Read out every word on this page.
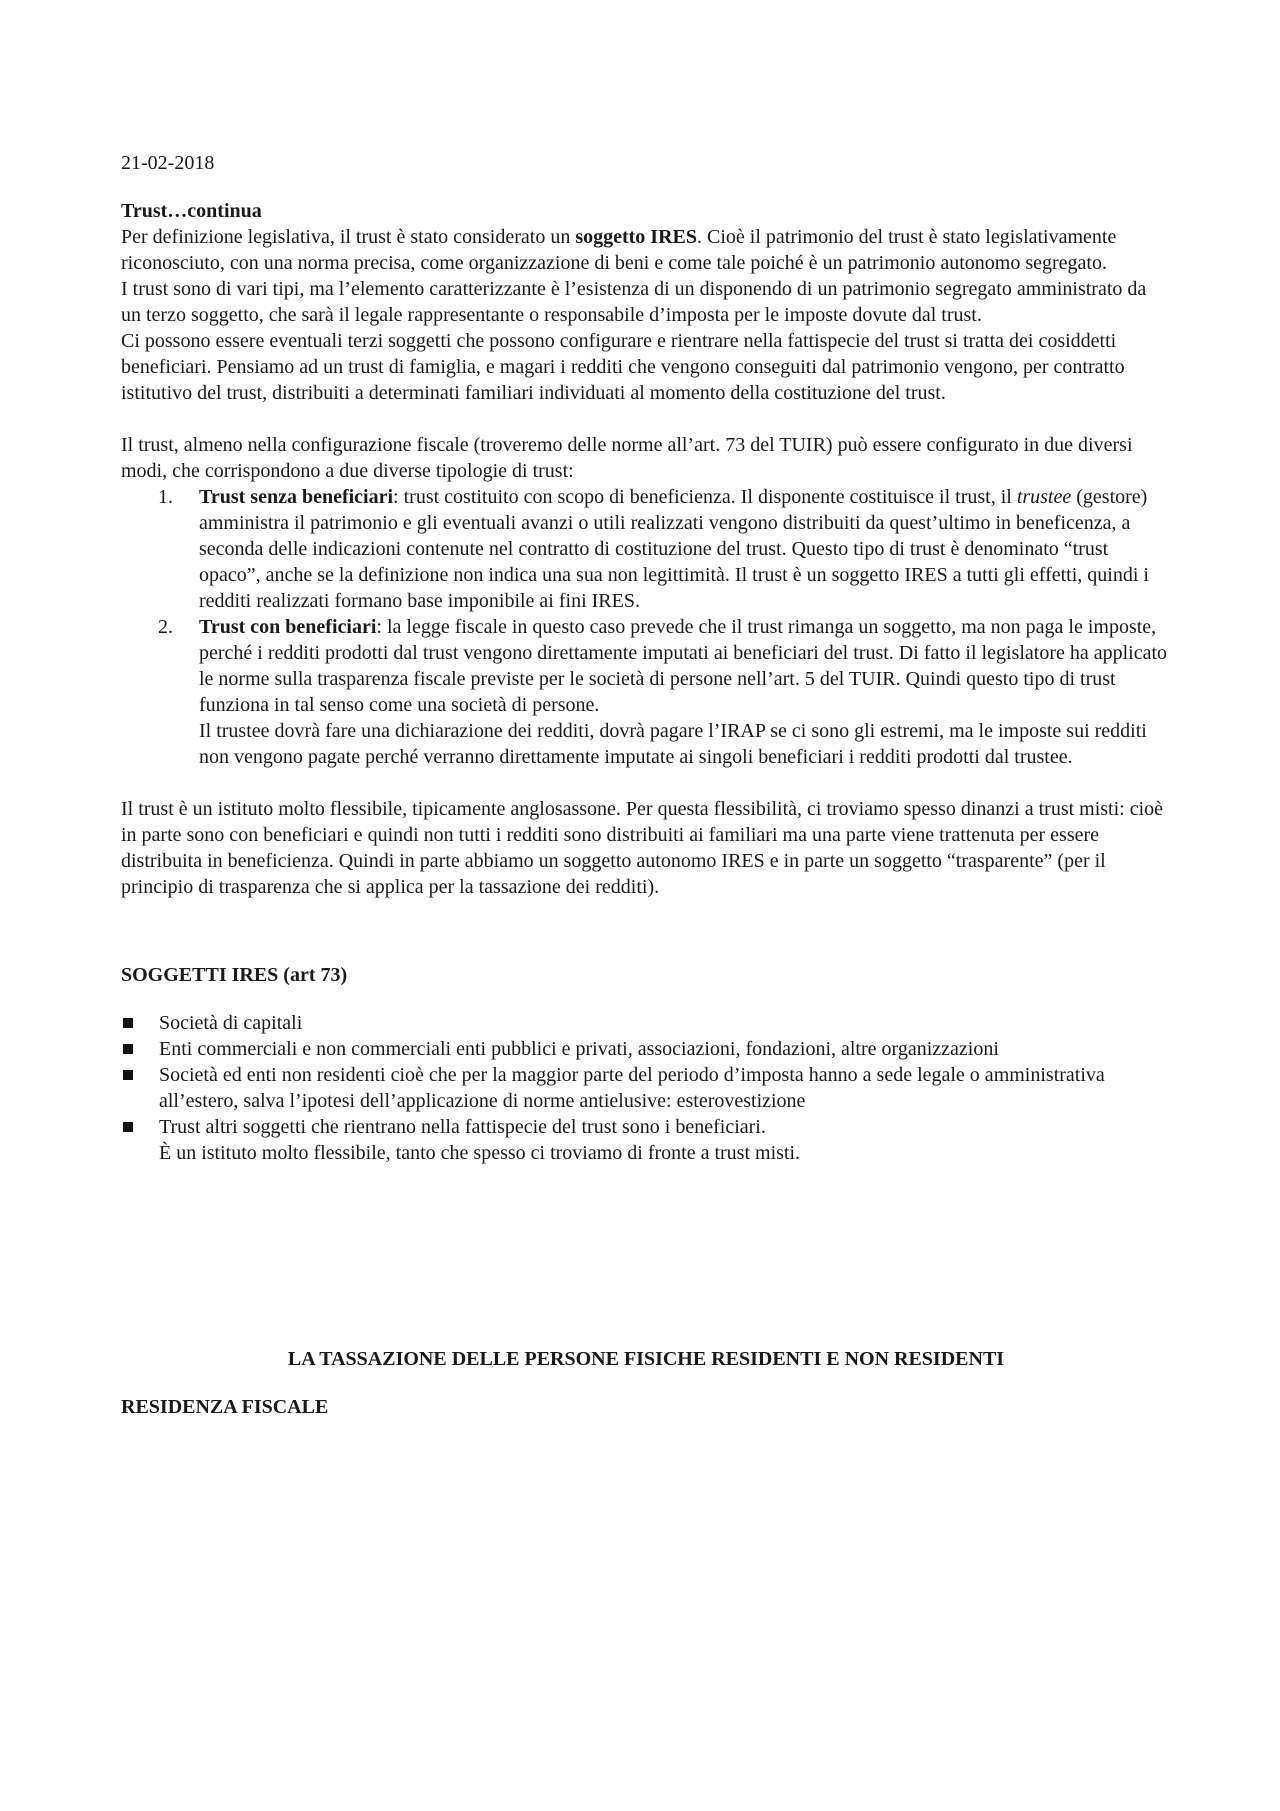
21-02-2018

Trust…continua

Per definizione legislativa, il trust è stato considerato un soggetto IRES. Cioè il patrimonio del trust è stato legislativamente riconosciuto, con una norma precisa, come organizzazione di beni e come tale poiché è un patrimonio autonomo segregato.

I trust sono di vari tipi, ma l’elemento caratterizzante è l’esistenza di un disponendo di un patrimonio segregato amministrato da un terzo soggetto, che sarà il legale rappresentante o responsabile d’imposta per le imposte dovute dal trust.

Ci possono essere eventuali terzi soggetti che possono configurare e rientrare nella fattispecie del trust si tratta dei cosiddetti beneficiari. Pensiamo ad un trust di famiglia, e magari i redditi che vengono conseguiti dal patrimonio vengono, per contratto istitutivo del trust, distribuiti a determinati familiari individuati al momento della costituzione del trust.

Il trust, almeno nella configurazione fiscale (troveremo delle norme all’art. 73 del TUIR) può essere configurato in due diversi modi, che corrispondono a due diverse tipologie di trust:

1. Trust senza beneficiari: trust costituito con scopo di beneficienza. Il disponente costituisce il trust, il trustee (gestore) amministra il patrimonio e gli eventuali avanzi o utili realizzati vengono distribuiti da quest’ultimo in beneficenza, a seconda delle indicazioni contenute nel contratto di costituzione del trust. Questo tipo di trust è denominato “trust opaco”, anche se la definizione non indica una sua non legittimità. Il trust è un soggetto IRES a tutti gli effetti, quindi i redditi realizzati formano base imponibile ai fini IRES.
2. Trust con beneficiari: la legge fiscale in questo caso prevede che il trust rimanga un soggetto, ma non paga le imposte, perché i redditi prodotti dal trust vengono direttamente imputati ai beneficiari del trust. Di fatto il legislatore ha applicato le norme sulla trasparenza fiscale previste per le società di persone nell’art. 5 del TUIR. Quindi questo tipo di trust funziona in tal senso come una società di persone.

Il trustee dovrà fare una dichiarazione dei redditi, dovrà pagare l’IRAP se ci sono gli estremi, ma le imposte sui redditi non vengono pagate perché verranno direttamente imputate ai singoli beneficiari i redditi prodotti dal trustee.

Il trust è un istituto molto flessibile, tipicamente anglosassone. Per questa flessibilità, ci troviamo spesso dinanzi a trust misti: cioè in parte sono con beneficiari e quindi non tutti i redditi sono distribuiti ai familiari ma una parte viene trattenuta per essere distribuita in beneficienza. Quindi in parte abbiamo un soggetto autonomo IRES e in parte un soggetto “trasparente” (per il principio di trasparenza che si applica per la tassazione dei redditi).

SOGGETTI IRES (art 73)

Società di capitali
Enti commerciali e non commerciali enti pubblici e privati, associazioni, fondazioni, altre organizzazioni
Società ed enti non residenti cioè che per la maggior parte del periodo d’imposta hanno a sede legale o amministrativa all’estero, salva l’ipotesi dell’applicazione di norme antielusive: esterovestizione
Trust altri soggetti che rientrano nella fattispecie del trust sono i beneficiari.
È un istituto molto flessibile, tanto che spesso ci troviamo di fronte a trust misti.

LA TASSAZIONE DELLE PERSONE FISICHE RESIDENTI E NON RESIDENTI

RESIDENZA FISCALE
